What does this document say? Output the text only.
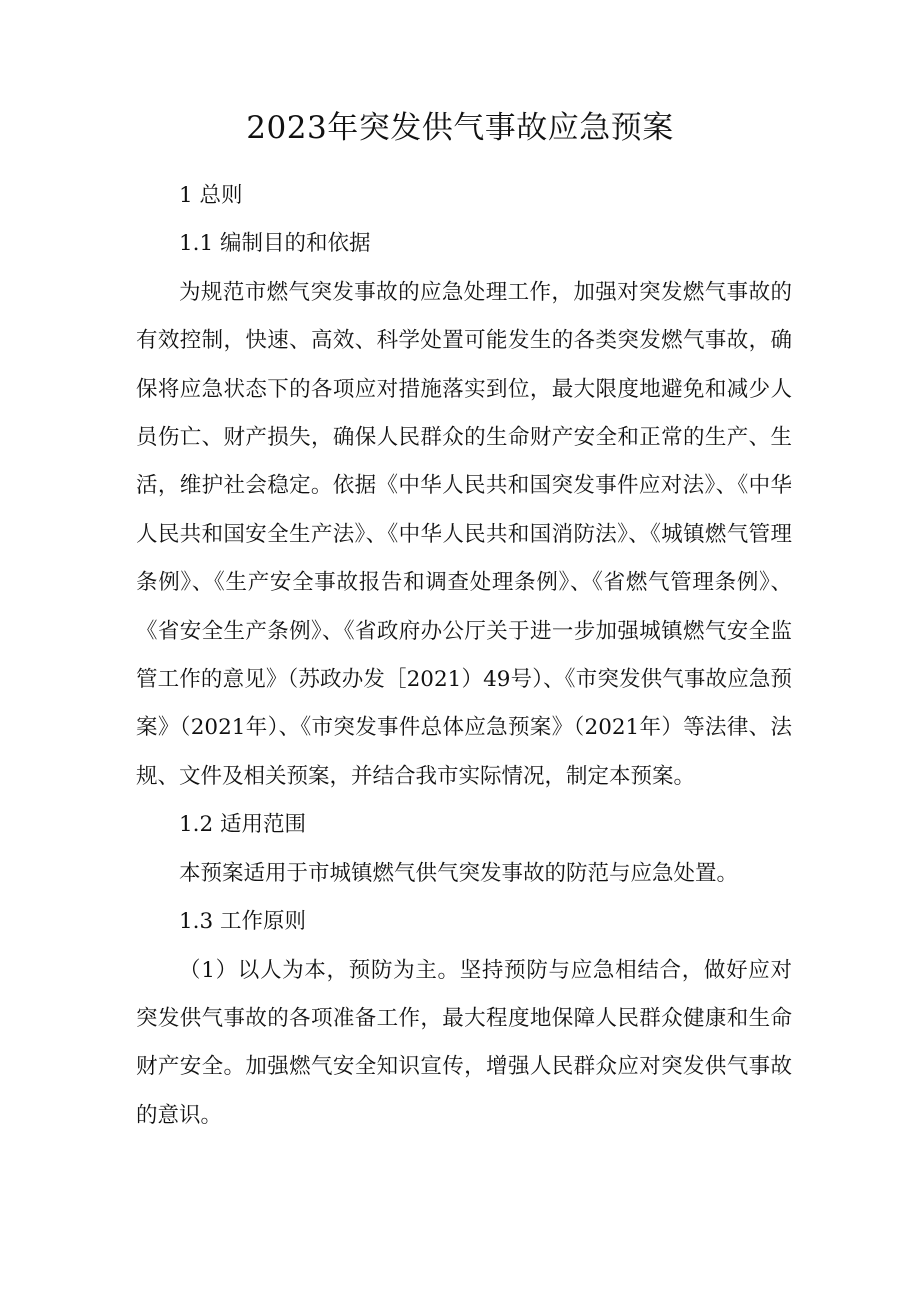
2023年突发供气事故应急预案

1 总则

1.1 编制目的和依据

为规范市燃气突发事故的应急处理工作，加强对突发燃气事故的有效控制，快速、高效、科学处置可能发生的各类突发燃气事故，确保将应急状态下的各项应对措施落实到位，最大限度地避免和减少人员伤亡、财产损失，确保人民群众的生命财产安全和正常的生产、生活，维护社会稳定。依据《中华人民共和国突发事件应对法》、《中华人民共和国安全生产法》、《中华人民共和国消防法》、《城镇燃气管理条例》、《生产安全事故报告和调查处理条例》、《省燃气管理条例》、《省安全生产条例》、《省政府办公厅关于进一步加强城镇燃气安全监管工作的意见》（苏政办发［2021）49号）、《市突发供气事故应急预案》（2021年）、《市突发事件总体应急预案》（2021年）等法律、法规、文件及相关预案，并结合我市实际情况，制定本预案。

1.2 适用范围

本预案适用于市城镇燃气供气突发事故的防范与应急处置。

1.3 工作原则

（1）以人为本，预防为主。坚持预防与应急相结合，做好应对突发供气事故的各项准备工作，最大程度地保障人民群众健康和生命财产安全。加强燃气安全知识宣传，增强人民群众应对突发供气事故的意识。
